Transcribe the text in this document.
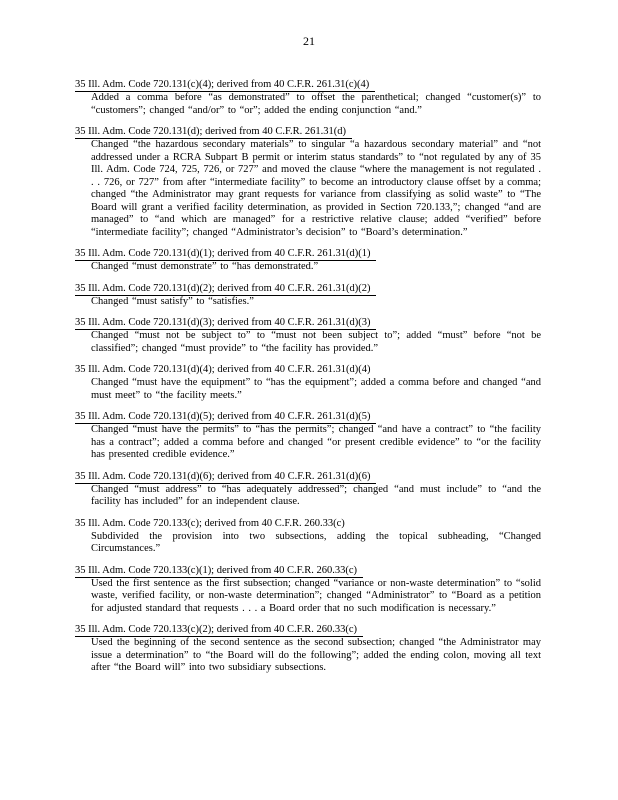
21
35 Ill. Adm. Code 720.131(c)(4); derived from 40 C.F.R. 261.31(c)(4)

Added a comma before “as demonstrated” to offset the parenthetical; changed “customer(s)” to “customers”; changed “and/or” to “or”; added the ending conjunction “and.”
35 Ill. Adm. Code 720.131(d); derived from 40 C.F.R. 261.31(d)

Changed “the hazardous secondary materials” to singular “a hazardous secondary material” and “not addressed under a RCRA Subpart B permit or interim status standards” to “not regulated by any of 35 Ill. Adm. Code 724, 725, 726, or 727” and moved the clause “where the management is not regulated . . . 726, or 727” from after “intermediate facility” to become an introductory clause offset by a comma; changed “the Administrator may grant requests for variance from classifying as solid waste” to “The Board will grant a verified facility determination, as provided in Section 720.133,”; changed “and are managed” to “and which are managed” for a restrictive relative clause; added “verified” before “intermediate facility”; changed “Administrator’s decision” to “Board’s determination.”
35 Ill. Adm. Code 720.131(d)(1); derived from 40 C.F.R. 261.31(d)(1)

Changed “must demonstrate” to “has demonstrated.”
35 Ill. Adm. Code 720.131(d)(2); derived from 40 C.F.R. 261.31(d)(2)

Changed “must satisfy” to “satisfies.”
35 Ill. Adm. Code 720.131(d)(3); derived from 40 C.F.R. 261.31(d)(3)

Changed “must not be subject to” to “must not been subject to”; added “must” before “not be classified”; changed “must provide” to “the facility has provided.”
35 Ill. Adm. Code 720.131(d)(4); derived from 40 C.F.R. 261.31(d)(4)

Changed “must have the equipment” to “has the equipment”; added a comma before and changed “and must meet” to “the facility meets.”
35 Ill. Adm. Code 720.131(d)(5); derived from 40 C.F.R. 261.31(d)(5)

Changed “must have the permits” to “has the permits”; changed “and have a contract” to “the facility has a contract”; added a comma before and changed “or present credible evidence” to “or the facility has presented credible evidence.”
35 Ill. Adm. Code 720.131(d)(6); derived from 40 C.F.R. 261.31(d)(6)

Changed “must address” to “has adequately addressed”; changed “and must include” to “and the facility has included” for an independent clause.
35 Ill. Adm. Code 720.133(c); derived from 40 C.F.R. 260.33(c)

Subdivided the provision into two subsections, adding the topical subheading, “Changed Circumstances.”
35 Ill. Adm. Code 720.133(c)(1); derived from 40 C.F.R. 260.33(c)

Used the first sentence as the first subsection; changed “variance or non-waste determination” to “solid waste, verified facility, or non-waste determination”; changed “Administrator” to “Board as a petition for adjusted standard that requests . . . a Board order that no such modification is necessary.”
35 Ill. Adm. Code 720.133(c)(2); derived from 40 C.F.R. 260.33(c)

Used the beginning of the second sentence as the second subsection; changed “the Administrator may issue a determination” to “the Board will do the following”; added the ending colon, moving all text after “the Board will” into two subsidiary subsections.
